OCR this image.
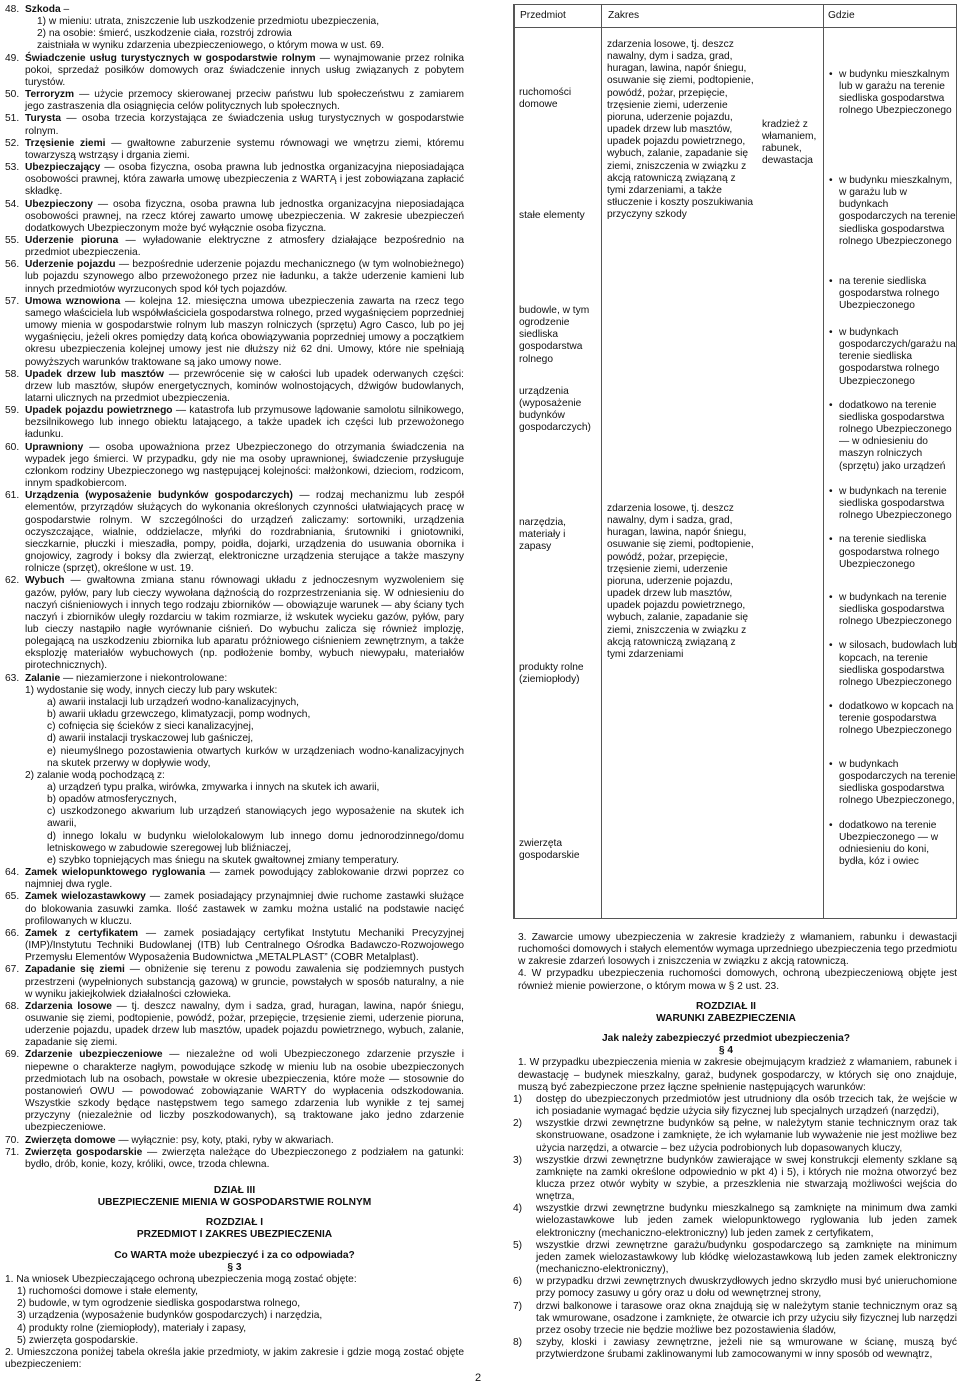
48. Szkoda –

1) w mieniu: utrata, zniszczenie lub uszkodzenie przedmiotu ubezpieczenia,

2) na osobie: śmierć, uszkodzenie ciała, rozstrój zdrowia

zaistniała w wyniku zdarzenia ubezpieczeniowego, o którym mowa w ust. 69.

49. Świadczenie usług turystycznych w gospodarstwie rolnym — wynajmowanie przez rolnika pokoi, sprzedaż posiłków domowych oraz świadczenie innych usług związanych z pobytem turystów.

50. Terroryzm — użycie przemocy skierowanej przeciw państwu lub społeczeństwu z zamiarem jego zastraszenia dla osiągnięcia celów politycznych lub społecznych.

51. Turysta — osoba trzecia korzystająca ze świadczenia usług turystycznych w gospodarstwie rolnym.

52. Trzęsienie ziemi — gwałtowne zaburzenie systemu równowagi we wnętrzu ziemi, któremu towarzyszą wstrząsy i drgania ziemi.

53. Ubezpieczający — osoba fizyczna, osoba prawna lub jednostka organizacyjna nieposiadająca osobowości prawnej, która zawarła umowę ubezpieczenia z WARTĄ i jest zobowiązana zapłacić składkę.

54. Ubezpieczony — osoba fizyczna, osoba prawna lub jednostka organizacyjna nieposiadająca osobowości prawnej, na rzecz której zawarto umowę ubezpieczenia. W zakresie ubezpieczeń dodatkowych Ubezpieczonym może być wyłącznie osoba fizyczna.

55. Uderzenie pioruna — wyładowanie elektryczne z atmosfery działające bezpośrednio na przedmiot ubezpieczenia.

56. Uderzenie pojazdu — bezpośrednie uderzenie pojazdu mechanicznego (w tym wolnobieżnego) lub pojazdu szynowego albo przewożonego przez nie ładunku, a także uderzenie kamieni lub innych przedmiotów wyrzuconych spod kół tych pojazdów.

57. Umowa wznowiona — kolejna 12. miesięczna umowa ubezpieczenia zawarta na rzecz tego samego właściciela lub współwłaściciela gospodarstwa rolnego, przed wygaśnięciem poprzedniej umowy mienia w gospodarstwie rolnym lub maszyn rolniczych (sprzętu) Agro Casco, lub po jej wygaśnięciu, jeżeli okres pomiędzy datą końca obowiązywania poprzedniej umowy a początkiem okresu ubezpieczenia kolejnej umowy jest nie dłuższy niż 62 dni. Umowy, które nie spełniają powyższych warunków traktowane są jako umowy nowe.

58. Upadek drzew lub masztów — przewrócenie się w całości lub upadek oderwanych części: drzew lub masztów, słupów energetycznych, kominów wolnostojących, dźwigów budowlanych, latarni ulicznych na przedmiot ubezpieczenia.

59. Upadek pojazdu powietrznego — katastrofa lub przymusowe lądowanie samolotu silnikowego, bezsilnikowego lub innego obiektu latającego, a także upadek ich części lub przewożonego ładunku.

60. Uprawniony — osoba upoważniona przez Ubezpieczonego do otrzymania świadczenia na wypadek jego śmierci. W przypadku, gdy nie ma osoby uprawnionej, świadczenie przysługuje członkom rodziny Ubezpieczonego wg następującej kolejności: małżonkowi, dzieciom, rodzicom, innym spadkobiercom.

61. Urządzenia (wyposażenie budynków gospodarczych) — rodzaj mechanizmu lub zespół elementów, przyrządów służących do wykonania określonych czynności ułatwiających pracę w gospodarstwie rolnym. W szczególności do urządzeń zaliczamy: sortowniki, urządzenia oczyszczające, wialnie, oddzielacze, młyńki do rozdrabniania, śrutowniki i gniotowniki, sieczkarnie, płuczki i mieszadła, pompy, poidła, dojarki, urządzenia do usuwania obornika i gnojowicy, zagrody i boksy dla zwierząt, elektroniczne urządzenia sterujące a także maszyny rolnicze (sprzęt), określone w ust. 19.

62. Wybuch — gwałtowna zmiana stanu równowagi układu z jednoczesnym wyzwoleniem się gazów, pyłów, pary lub cieczy wywołana dążnością do rozprzestrzeniania się. W odniesieniu do naczyń ciśnieniowych i innych tego rodzaju zbiorników — obowiązuje warunek — aby ściany tych naczyń i zbiorników uległy rozdarciu w takim rozmiarze, iż wskutek wycieku gazów, pyłów, pary lub cieczy nastąpiło nagłe wyrównanie ciśnień. Do wybuchu zalicza się również implozję, polegającą na uszkodzeniu zbiornika lub aparatu próżniowego ciśnieniem zewnętrznym, a także eksplozję materiałów wybuchowych (np. podłożenie bomby, wybuch niewypału, materiałów pirotechnicznych).

63. Zalanie — niezamierzone i niekontrolowane:

1) wydostanie się wody, innych cieczy lub pary wskutek:

a) awarii instalacji lub urządzeń wodno-kanalizacyjnych,

b) awarii układu grzewczego, klimatyzacji, pomp wodnych,

c) cofnięcia się ścieków z sieci kanalizacyjnej,

d) awarii instalacji tryskaczowej lub gaśniczej,

e) nieumyślnego pozostawienia otwartych kurków w urządzeniach wodno-kanalizacyjnych na skutek przerwy w dopływie wody,

2) zalanie wodą pochodzącą z:

a) urządzeń typu pralka, wirówka, zmywarka i innych na skutek ich awarii,

b) opadów atmosferycznych,

c) uszkodzonego akwarium lub urządzeń stanowiących jego wyposażenie na skutek ich awarii,

d) innego lokalu w budynku wielolokalowym lub innego domu jednorodzinnego/domu letniskowego w zabudowie szeregowej lub bliźniaczej,

e) szybko topniejących mas śniegu na skutek gwałtownej zmiany temperatury.

64. Zamek wielopunktowego ryglowania — zamek powodujący zablokowanie drzwi poprzez co najmniej dwa rygle.

65. Zamek wielozastawkowy — zamek posiadający przynajmniej dwie ruchome zastawki służące do blokowania zasuwki zamka. Ilość zastawek w zamku można ustalić na podstawie nacięć profilowanych w kluczu.

66. Zamek z certyfikatem — zamek posiadający certyfikat Instytutu Mechaniki Precyzyjnej (IMP)/Instytutu Techniki Budowlanej (ITB) lub Centralnego Ośrodka Badawczo-Rozwojowego Przemysłu Elementów Wyposażenia Budownictwa „METALPLAST” (COBR Metalplast).

67. Zapadanie się ziemi — obniżenie się terenu z powodu zawalenia się podziemnych pustych przestrzeni (wypełnionych substancją gazową) w gruncie, powstałych w sposób naturalny, a nie w wyniku jakiejkolwiek działalności człowieka.

68. Zdarzenia losowe — tj. deszcz nawalny, dym i sadza, grad, huragan, lawina, napór śniegu, osuwanie się ziemi, podtopienie, powódź, pożar, przepięcie, trzęsienie ziemi, uderzenie pioruna, uderzenie pojazdu, upadek drzew lub masztów, upadek pojazdu powietrznego, wybuch, zalanie, zapadanie się ziemi.

69. Zdarzenie ubezpieczeniowe — niezależne od woli Ubezpieczonego zdarzenie przyszłe i niepewne o charakterze nagłym, powodujące szkodę w mieniu lub na osobie ubezpieczonych przedmiotach lub na osobach, powstałe w okresie ubezpieczenia, które może — stosownie do postanowień OWU — powodować zobowiązanie WARTY do wypłacenia odszkodowania. Wszystkie szkody będące następstwem tego samego zdarzenia lub wynikłe z tej samej przyczyny (niezależnie od liczby poszkodowanych), są traktowane jako jedno zdarzenie ubezpieczeniowe.

70. Zwierzęta domowe — wyłącznie: psy, koty, ptaki, ryby w akwariach.

71. Zwierzęta gospodarskie — zwierzęta należące do Ubezpieczonego z podziałem na gatunki: bydło, drób, konie, kozy, króliki, owce, trzoda chlewna.

DZIAŁ III

UBEZPIECZENIE MIENIA W GOSPODARSTWIE ROLNYM

ROZDZIAŁ I

PRZEDMIOT I ZAKRES UBEZPIECZENIA

Co WARTA może ubezpieczyć i za co odpowiada?

§ 3

1. Na wniosek Ubezpieczającego ochroną ubezpieczenia mogą zostać objęte:

1) ruchomości domowe i stałe elementy,

2) budowle, w tym ogrodzenie siedliska gospodarstwa rolnego,

3) urządzenia (wyposażenie budynków gospodarczych) i narzędzia,

4) produkty rolne (ziemiopłody), materiały i zapasy,

5) zwierzęta gospodarskie.

2. Umieszczona poniżej tabela określa jakie przedmioty, w jakim zakresie i gdzie mogą zostać objęte ubezpieczeniem:

Przedmiot	Zakres	Gdzie
ruchomości domowe
stałe elementy
budowle, w tym ogrodzenie siedliska gospodarstwa rolnego
urządzenia (wyposażenie budynków gospodarczych)
narzędzia, materiały i zapasy
produkty rolne (ziemiopłody)
zwierzęta gospodarskie
zdarzenia losowe, tj. deszcz nawalny, dym i sadza, grad, huragan, lawina, napór śniegu, osuwanie się ziemi, podtopienie, powódź, pożar, przepięcie, trzęsienie ziemi, uderzenie pioruna, uderzenie pojazdu, upadek drzew lub masztów, upadek pojazdu powietrznego, wybuch, zalanie, zapadanie się ziemi, zniszczenia w związku z akcją ratowniczą związaną z tymi zdarzeniami, a także stłuczenie i koszty poszukiwania przyczyny szkody
kradzież z włamaniem, rabunek, dewastacja
zdarzenia losowe, tj. deszcz nawalny, dym i sadza, grad, huragan, lawina, napór śniegu, osuwanie się ziemi, podtopienie, powódź, pożar, przepięcie, trzęsienie ziemi, uderzenie pioruna, uderzenie pojazdu, upadek drzew lub masztów, upadek pojazdu powietrznego, wybuch, zalanie, zapadanie się ziemi, zniszczenia w związku z akcją ratowniczą związaną z tymi zdarzeniami
• w budynku mieszkalnym lub w garażu na terenie siedliska gospodarstwa rolnego Ubezpieczonego
• w budynku mieszkalnym, w garażu lub w budynkach gospodarczych na terenie siedliska gospodarstwa rolnego Ubezpieczonego
• na terenie siedliska gospodarstwa rolnego Ubezpieczonego
• w budynkach gospodarczych/garażu na terenie siedliska gospodarstwa rolnego Ubezpieczonego
• dodatkowo na terenie siedliska gospodarstwa rolnego Ubezpieczonego — w odniesieniu do maszyn rolniczych (sprzętu) jako urządzeń
• w budynkach na terenie siedliska gospodarstwa rolnego Ubezpieczonego
• na terenie siedliska gospodarstwa rolnego Ubezpieczonego
• w budynkach na terenie siedliska gospodarstwa rolnego Ubezpieczonego
• w silosach, budowlach lub kopcach, na terenie siedliska gospodarstwa rolnego Ubezpieczonego
• dodatkowo w kopcach na terenie gospodarstwa rolnego Ubezpieczonego
• w budynkach gospodarczych na terenie siedliska gospodarstwa rolnego Ubezpieczonego,
• dodatkowo na terenie Ubezpieczonego — w odniesieniu do koni, bydła, kóz i owiec

3. Zawarcie umowy ubezpieczenia w zakresie kradzieży z włamaniem, rabunku i dewastacji ruchomości domowych i stałych elementów wymaga uprzedniego ubezpieczenia tego przedmiotu w zakresie zdarzeń losowych i zniszczenia w związku z akcją ratowniczą.

4. W przypadku ubezpieczenia ruchomości domowych, ochroną ubezpieczeniową objęte jest również mienie powierzone, o którym mowa w § 2 ust. 23.

ROZDZIAŁ II

WARUNKI ZABEZPIECZENIA

Jak należy zabezpieczyć przedmiot ubezpieczenia?

§ 4

1. W przypadku ubezpieczenia mienia w zakresie obejmującym kradzież z włamaniem, rabunek i dewastację – budynek mieszkalny, garaż, budynek gospodarczy, w których się ono znajduje, muszą być zabezpieczone przez łączne spełnienie następujących warunków:

1) dostęp do ubezpieczonych przedmiotów jest utrudniony dla osób trzecich tak, że wejście w ich posiadanie wymagać będzie użycia siły fizycznej lub specjalnych urządzeń (narzędzi),

2) wszystkie drzwi zewnętrzne budynków są pełne, w należytym stanie technicznym oraz tak skonstruowane, osadzone i zamknięte, że ich wyłamanie lub wyważenie nie jest możliwe bez użycia narzędzi, a otwarcie – bez użycia podrobionych lub dopasowanych kluczy,

3) wszystkie drzwi zewnętrzne budynków zawierające w swej konstrukcji elementy szklane są zamknięte na zamki określone odpowiednio w pkt 4) i 5), i których nie można otworzyć bez klucza przez otwór wybity w szybie, a przeszklenia nie stwarzają możliwości wejścia do wnętrza,

4) wszystkie drzwi zewnętrzne budynku mieszkalnego są zamknięte na minimum dwa zamki wielozastawkowe lub jeden zamek wielopunktowego ryglowania lub jeden zamek elektroniczny (mechaniczno-elektroniczny) lub jeden zamek z certyfikatem,

5) wszystkie drzwi zewnętrzne garażu/budynku gospodarczego są zamknięte na minimum jeden zamek wielozastawkowy lub kłódkę wielozastawkową lub jeden zamek elektroniczny (mechaniczno-elektroniczny),

6) w przypadku drzwi zewnętrznych dwuskrzydłowych jedno skrzydło musi być unieruchomione przy pomocy zasuwy u góry oraz u dołu od wewnętrznej strony,

7) drzwi balkonowe i tarasowe oraz okna znajdują się w należytym stanie technicznym oraz są tak wmurowane, osadzone i zamknięte, że otwarcie ich przy użyciu siły fizycznej lub narzędzi przez osoby trzecie nie będzie możliwe bez pozostawienia śladów,

8) szyby, kloski i zawiasy zewnętrzne, jeżeli nie są wmurowane w ścianę, muszą być przytwierdzone śrubami zaklinowanymi lub zamocowanymi w inny sposób od wewnątrz,

2
